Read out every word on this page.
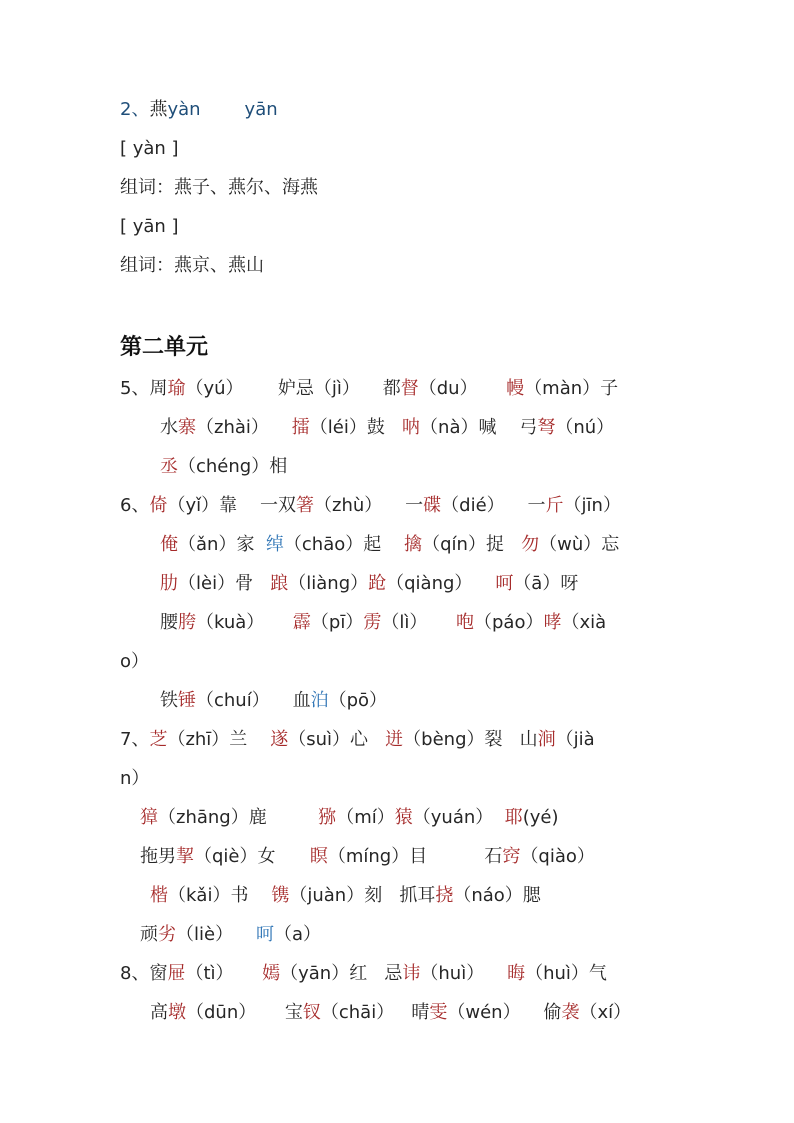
2、燕yàn yān
[ yàn ]
组词：燕子、燕尔、海燕
[ yān ]
组词：燕京、燕山
第二单元
5、周瑜（yú）      妒忌（jì）    都督（du）     幔（màn）子
水寨（zhài）    擂（léi）鼓   呐（nà）喊    弓弩（nú）
丞（chéng）相
6、倚（yǐ）靠    一双箸（zhù）    一碟（dié）    一斤（jīn）
俺（ǎn）家  绰（chāo）起    擒（qín）捉   勿（wù）忘
肋（lèi）骨   踉（liàng）跄（qiàng）    呵（ā）呀
腰胯（kuà）     霹（pī）雳（lì）     咆（páo）哮（xià
o）
铁锤（chuí）    血泊（pō）
7、芝（zhī）兰    遂（suì）心   迸（bèng）裂   山涧（jià
n）
獐（zhāng）鹿         猕（mí）猿（yuán）  耶(yé)
拖男挈（qiè）女      瞑（míng）目          石窍（qiào）
楷（kǎi）书    镌（juàn）刻   抓耳挠（náo）腮
顽劣（liè）    呵（a）
8、窗屉（tì）     嫣（yān）红   忌讳（huì）    晦（huì）气
高墩（dūn）     宝钗（chāi）   晴雯（wén）    偷袭（xí）
